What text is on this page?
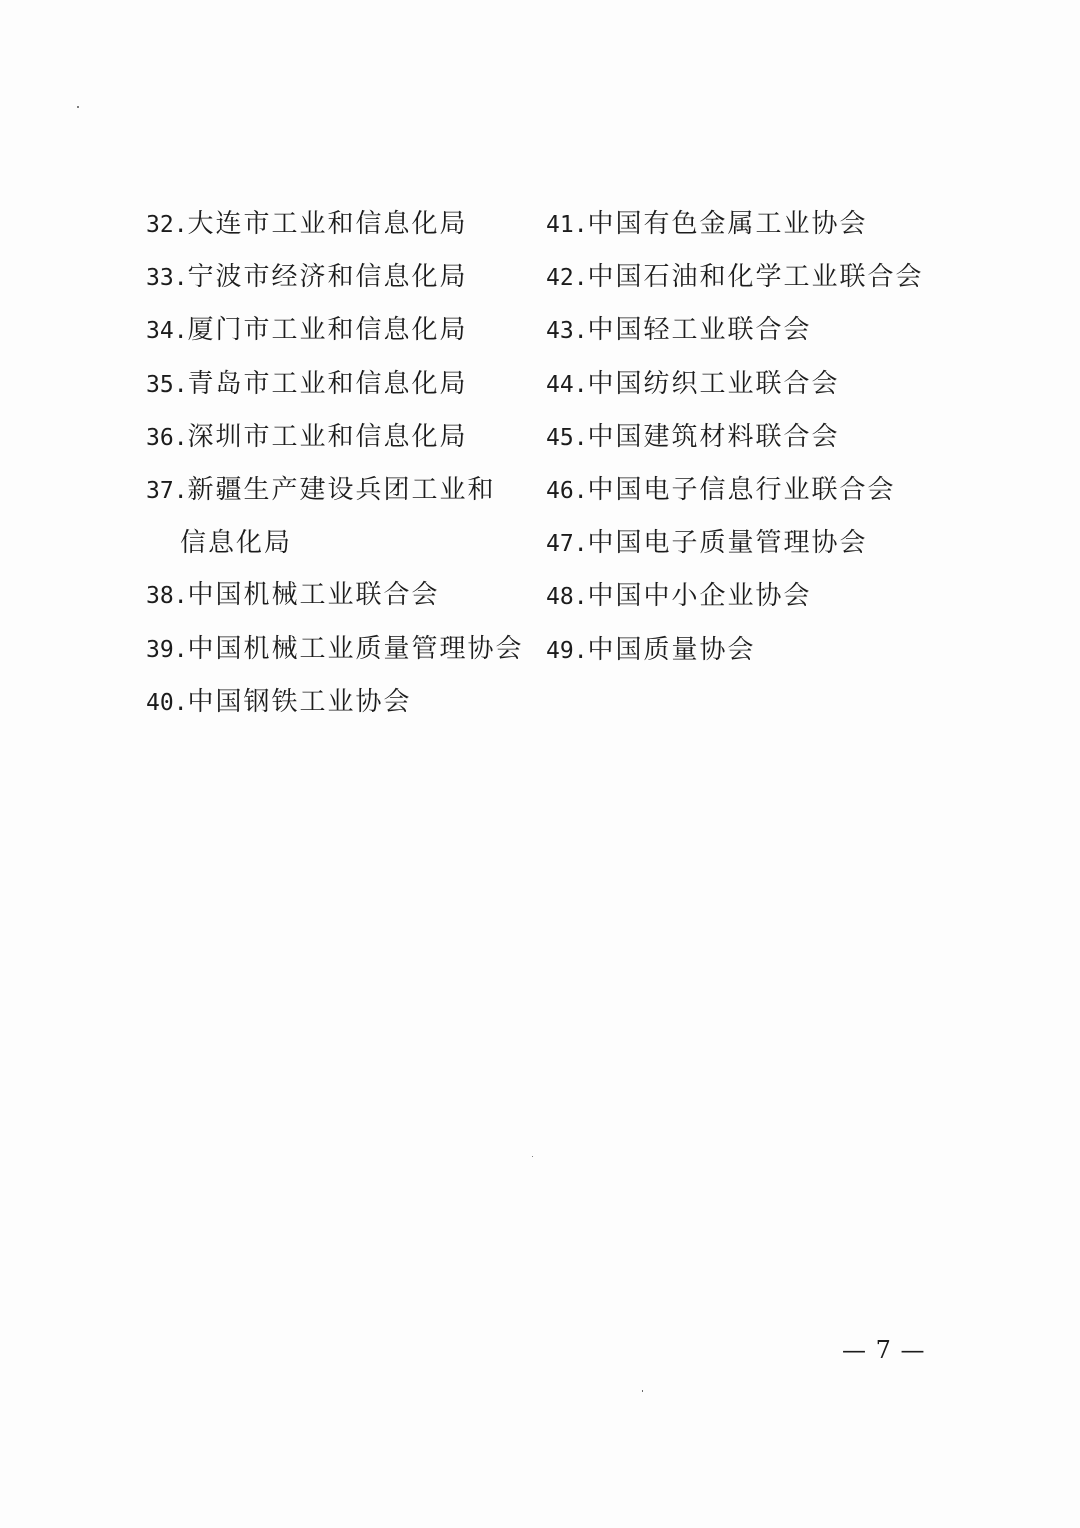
32.大连市工业和信息化局
33.宁波市经济和信息化局
34.厦门市工业和信息化局
35.青岛市工业和信息化局
36.深圳市工业和信息化局
37.新疆生产建设兵团工业和
信息化局
38.中国机械工业联合会
39.中国机械工业质量管理协会
40.中国钢铁工业协会
41.中国有色金属工业协会
42.中国石油和化学工业联合会
43.中国轻工业联合会
44.中国纺织工业联合会
45.中国建筑材料联合会
46.中国电子信息行业联合会
47.中国电子质量管理协会
48.中国中小企业协会
49.中国质量协会
— 7 —
